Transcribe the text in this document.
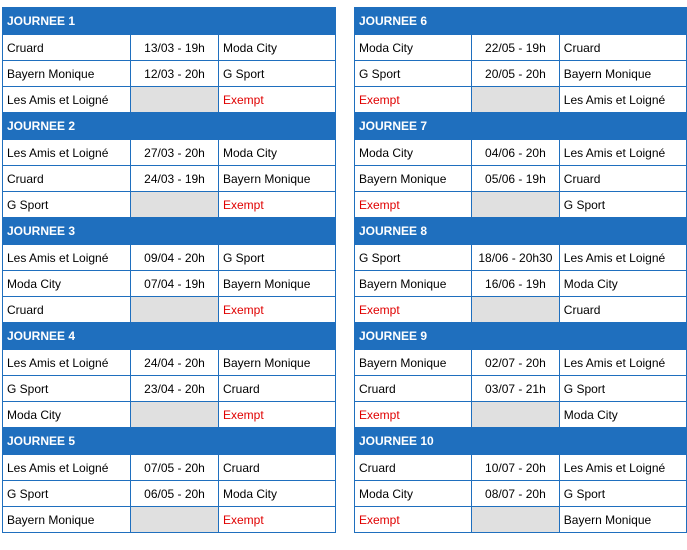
JOURNEE 1		
Cruard	13/03 - 19h	Moda City
Bayern Monique	12/03 - 20h	G Sport
Les Amis et Loigné		Exempt
JOURNEE 2		
Les Amis et Loigné	27/03 - 20h	Moda City
Cruard	24/03 - 19h	Bayern Monique
G Sport		Exempt
JOURNEE 3		
Les Amis et Loigné	09/04 - 20h	G Sport
Moda City	07/04 - 19h	Bayern Monique
Cruard		Exempt
JOURNEE 4		
Les Amis et Loigné	24/04 - 20h	Bayern Monique
G Sport	23/04 - 20h	Cruard
Moda City		Exempt
JOURNEE 5		
Les Amis et Loigné	07/05 - 20h	Cruard
G Sport	06/05 - 20h	Moda City
Bayern Monique		Exempt
JOURNEE 6		
Moda City	22/05 - 19h	Cruard
G Sport	20/05 - 20h	Bayern Monique
Exempt		Les Amis et Loigné
JOURNEE 7		
Moda City	04/06 - 20h	Les Amis et Loigné
Bayern Monique	05/06 - 19h	Cruard
Exempt		G Sport
JOURNEE 8		
G Sport	18/06 - 20h30	Les Amis et Loigné
Bayern Monique	16/06 - 19h	Moda City
Exempt		Cruard
JOURNEE 9		
Bayern Monique	02/07 - 20h	Les Amis et Loigné
Cruard	03/07 - 21h	G Sport
Exempt		Moda City
JOURNEE 10		
Cruard	10/07 - 20h	Les Amis et Loigné
Moda City	08/07 - 20h	G Sport
Exempt		Bayern Monique
